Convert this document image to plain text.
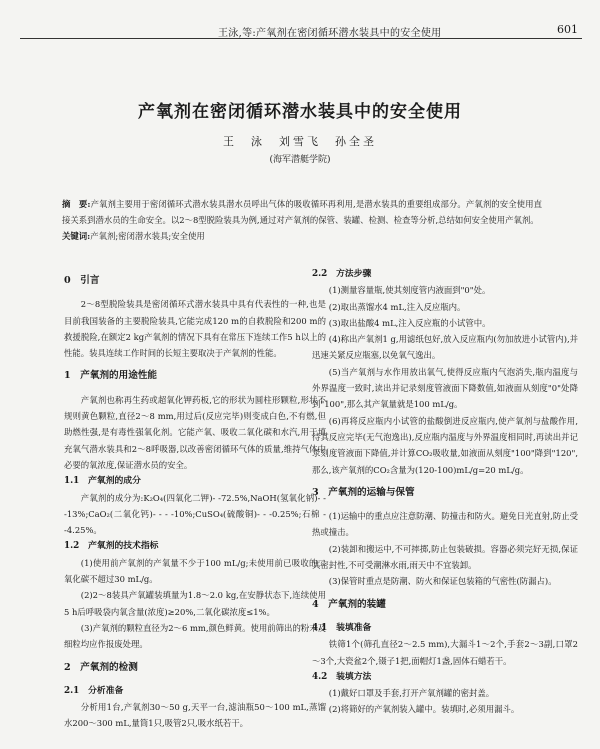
王泳,等:产氧剂在密闭循环潜水装具中的安全使用	601
产氧剂在密闭循环潜水装具中的安全使用
王　泳　刘雪飞　孙全圣
(海军潜艇学院)

摘　要:产氧剂主要用于密闭循环式潜水装具潜水员呼出气体的吸收循环再利用,是潜水装具的重要组成部分。产氧剂的安全使用直接关系到潜水员的生命安全。以2～8型脱险装具为例,通过对产氧剂的保管、装罐、检测、检查等分析,总结如何安全使用产氧剂。

关键词:产氧剂;密闭潜水装具;安全使用

0　引言

2～8型脱险装具是密闭循环式潜水装具中具有代表性的一种,也是目前我国装备的主要脱险装具,它能完成120 m的自救脱险和200 m的救援脱险,在额定2 kg产氧剂的情况下具有在常压下连续工作5 h以上的性能。装具连续工作时间的长短主要取决于产氧剂的性能。

1　产氧剂的用途性能

产氧剂也称再生药或超氧化钾药板,它的形状为圆柱形颗粒,形状不规则黄色颗粒,直径2～8 mm,用过后(反应完毕)则变成白色,不有燃,但助燃性强,是有毒性强氧化剂。它能产氧、吸收二氧化碳和水汽,用于填充氧气潜水装具和2～8呼吸器,以改善密闭循环气体的质量,维持气体中必要的氧浓度,保证潜水员的安全。

1.1　产氧剂的成分

产氧剂的成分为:K₂O₄(四氧化二钾)- -72.5%,NaOH(氢氧化钠)- - -13%;CaO₂(二氧化钙)- - - -10%;CuSO₄(硫酸铜)- - -0.25%;石棉 - -4.25%。

1.2　产氧剂的技术指标

(1)使用前产氧剂的产氧量不少于100 mL/g;未使用前已吸收的二氧化碳不超过30 mL/g。

(2)2～8装具产氧罐装填量为1.8～2.0 kg,在安静状态下,连续使用5 h后呼吸袋内氧含量(浓度)≥20%,二氧化碳浓度≤1%。

(3)产氧剂的颗粒直径为2～6 mm,颜色鲜黄。使用前筛出的粉末及细粒均应作报废处理。

2　产氧剂的检测
2.1　分析准备

分析用1台,产氧剂30～50 g,天平一台,滤油瓶50～100 mL,蒸馏水200～300 mL,量筒1只,吸管2只,吸水纸若干。

2.2　方法步骤

(1)测量容量瓶,使其刻度管内液面到"0"处。

(2)取出蒸馏水4 mL,注入反应瓶内。

(3)取出盐酸4 mL,注入反应瓶的小试管中。

(4)称出产氧剂1 g,用滤纸包好,放入反应瓶内(勿加放进小试管内),并迅速关紧反应瓶塞,以免氧气逸出。

(5)当产氧剂与水作用放出氧气,使得反应瓶内气泡消失,瓶内温度与外界温度一致时,读出并记录刻度管液面下降数值,如液面从刻度"0"处降到"100",那么其产氧量就是100 mL/g。

(6)再将反应瓶内小试管的盐酸倒进反应瓶内,使产氧剂与盐酸作用,待其反应完毕(无气泡逸出),反应瓶内温度与外界温度相同时,再读出并记录刻度管液面下降值,并计算CO₂吸收量,如液面从刻度"100"降到"120",那么,该产氧剂的CO₂含量为(120-100)mL/g=20 mL/g。

3　产氧剂的运输与保管

(1)运输中的重点应注意防潮、防撞击和防火。避免日光直射,防止受热或撞击。

(2)装卸和搬运中,不可摔掷,防止包装破损。容器必须完好无损,保证其密封性,不可受潮淋水雨,雨天中不宜装卸。

(3)保管时重点是防潮、防火和保证包装箱的气密性(防漏占)。

4　产氧剂的装罐
4.1　装填准备

铁筛1个(筛孔直径2～2.5 mm),大漏斗1～2个,手套2～3副,口罩2～3个,大瓷盆2个,镊子1把,面帽灯1盏,固体石蜡若干。

4.2　装填方法

(1)戴好口罩及手套,打开产氧剂罐的密封盖。

(2)将筛好的产氧剂装入罐中。装填时,必须用漏斗。
